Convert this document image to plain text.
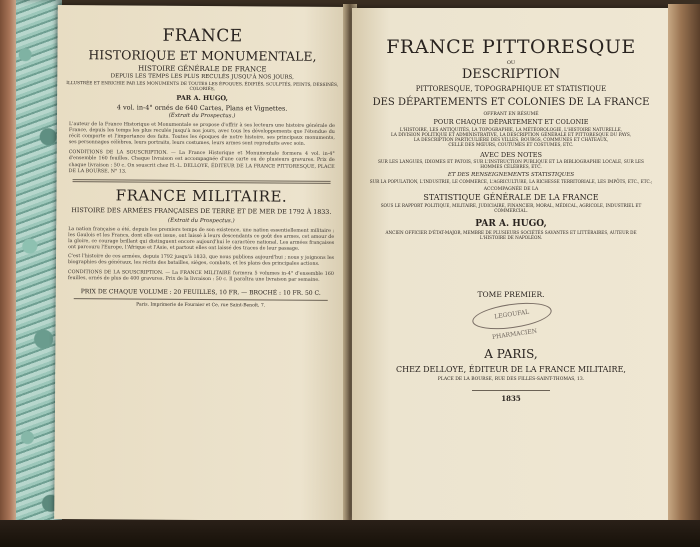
FRANCE
HISTORIQUE ET MONUMENTALE,
HISTOIRE GÉNÉRALE DE FRANCE
DEPUIS LES TEMPS LES PLUS RECULÉS JUSQU'À NOS JOURS,
ILLUSTRÉE ET ENRICHIE PAR LES MONUMENTS DE TOUTES LES ÉPOQUES, ÉDIFIÉS, SCULPTÉS, PEINTS, DESSINÉS, COLORIÉS,
PAR A. HUGO,
4 vol. in-4° ornés de 640 Cartes, Plans et Vignettes.
(Extrait du Prospectus.)
L'auteur de la France Historique et Monumentale se propose d'offrir à ses lecteurs une histoire générale de France, depuis les temps les plus reculés jusqu'à nos jours, avec tous les développements que l'étendue du récit comporte et l'importance des faits. Toutes les époques de notre histoire, ses principaux monuments, ses personnages célèbres, leurs portraits, leurs costumes, leurs armes sont reproduits avec soin.
CONDITIONS DE LA SOUSCRIPTION. — La France Historique et Monumentale formera 4 vol. in-4° d'ensemble 160 feuilles. Chaque livraison est accompagnée d'une carte ou de plusieurs gravures. Prix de chaque livraison : 50 c. On souscrit chez H.-L. DELLOYE, ÉDITEUR DE LA FRANCE PITTORESQUE, PLACE DE LA BOURSE, N° 13.
FRANCE MILITAIRE.
HISTOIRE DES ARMÉES FRANÇAISES DE TERRE ET DE MER DE 1792 À 1833.
(Extrait du Prospectus.)
La nation française a été, depuis les premiers temps de son existence, une nation essentiellement militaire ; les Gaulois et les Francs, dont elle est issue, ont laissé à leurs descendants ce goût des armes, cet amour de la gloire, ce courage brillant qui distinguent encore aujourd'hui le caractère national. Les armées françaises ont parcouru l'Europe, l'Afrique et l'Asie, et partout elles ont laissé des traces de leur passage.
C'est l'histoire de ces armées, depuis 1792 jusqu'à 1833, que nous publions aujourd'hui ; nous y joignons les biographies des généraux, les récits des batailles, sièges, combats, et les plans des principales actions.
CONDITIONS DE LA SOUSCRIPTION. — La FRANCE MILITAIRE formera 5 volumes in-4° d'ensemble 160 feuilles, ornés de plus de 400 gravures. Prix de la livraison : 50 c. Il paraîtra une livraison par semaine.
PRIX DE CHAQUE VOLUME : 20 FEUILLES, 10 FR. — BROCHÉ : 10 FR. 50 C.
Paris. Imprimerie de Fournier et Ce, rue Saint-Benoît, 7.
FRANCE PITTORESQUE
OU
DESCRIPTION
PITTORESQUE, TOPOGRAPHIQUE ET STATISTIQUE
DES DÉPARTEMENTS ET COLONIES DE LA FRANCE
OFFRANT EN RÉSUMÉ
POUR CHAQUE DÉPARTEMENT ET COLONIE
L'HISTOIRE, LES ANTIQUITÉS, LA TOPOGRAPHIE, LA MÉTÉOROLOGIE, L'HISTOIRE NATURELLE,
LA DIVISION POLITIQUE ET ADMINISTRATIVE, LA DESCRIPTION GÉNÉRALE ET PITTORESQUE DU PAYS,
LA DESCRIPTION PARTICULIÈRE DES VILLES, BOURGS, COMMUNES ET CHÂTEAUX,
CELLE DES MŒURS, COUTUMES ET COSTUMES, ETC.
AVEC DES NOTES
SUR LES LANGUES, IDIOMES ET PATOIS, SUR L'INSTRUCTION PUBLIQUE ET LA BIBLIOGRAPHIE LOCALE, SUR LES HOMMES CÉLÈBRES, ETC.
ET DES RENSEIGNEMENTS STATISTIQUES
SUR LA POPULATION, L'INDUSTRIE, LE COMMERCE, L'AGRICULTURE, LA RICHESSE TERRITORIALE, LES IMPÔTS, ETC., ETC.;
ACCOMPAGNÉE DE LA
STATISTIQUE GÉNÉRALE DE LA FRANCE
SOUS LE RAPPORT POLITIQUE, MILITAIRE, JUDICIAIRE, FINANCIER, MORAL, MÉDICAL, AGRICOLE, INDUSTRIEL ET COMMERCIAL.
PAR A. HUGO,
ANCIEN OFFICIER D'ÉTAT-MAJOR, MEMBRE DE PLUSIEURS SOCIÉTÉS SAVANTES ET LITTÉRAIRES, AUTEUR DE L'HISTOIRE DE NAPOLÉON.
LEGOUFAL PHARMACIEN
TOME PREMIER.
A PARIS,
CHEZ DELLOYE, ÉDITEUR DE LA FRANCE MILITAIRE,
PLACE DE LA BOURSE, RUE DES FILLES-SAINT-THOMAS, 13.
1835
